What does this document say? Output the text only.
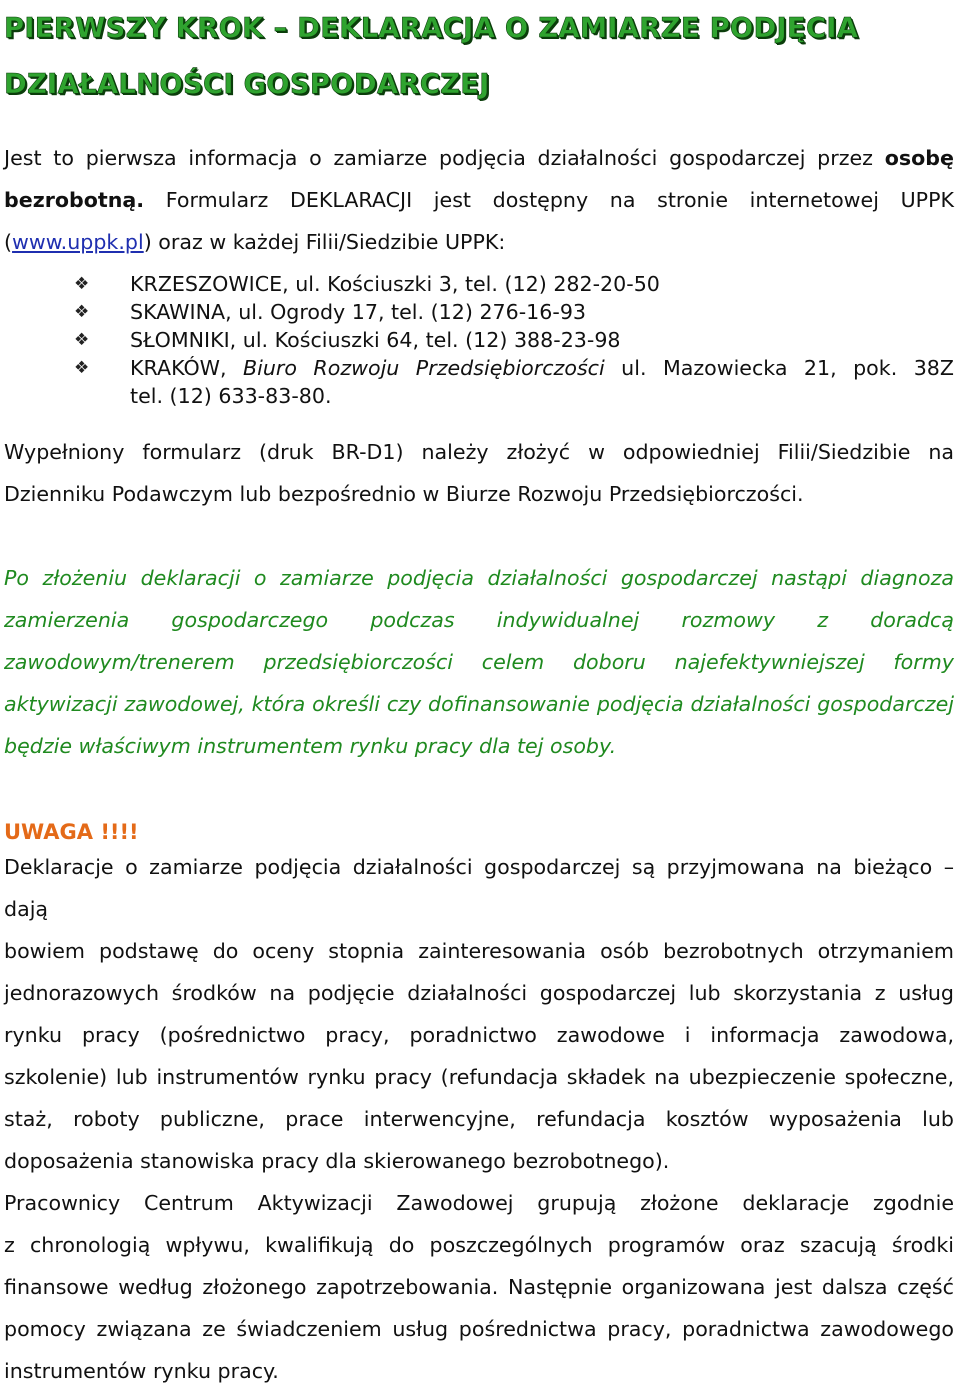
PIERWSZY KROK – DEKLARACJA O ZAMIARZE PODJĘCIA
DZIAŁALNOŚCI GOSPODARCZEJ
Jest to pierwsza informacja o zamiarze podjęcia działalności gospodarczej przez osobę
bezrobotną. Formularz DEKLARACJI jest dostępny na stronie internetowej UPPK
(www.uppk.pl) oraz w każdej Filii/Siedzibie UPPK:
❖ KRZESZOWICE, ul. Kościuszki 3, tel. (12) 282-20-50
❖ SKAWINA, ul. Ogrody 17, tel. (12) 276-16-93
❖ SŁOMNIKI, ul. Kościuszki 64, tel. (12) 388-23-98
❖ KRAKÓW, Biuro Rozwoju Przedsiębiorczości ul. Mazowiecka 21, pok. 38Z
tel. (12) 633-83-80.
Wypełniony formularz (druk BR-D1) należy złożyć w odpowiedniej Filii/Siedzibie na
Dzienniku Podawczym lub bezpośrednio w Biurze Rozwoju Przedsiębiorczości.
Po złożeniu deklaracji o zamiarze podjęcia działalności gospodarczej nastąpi diagnoza
zamierzenia gospodarczego podczas indywidualnej rozmowy z doradcą
zawodowym/trenerem przedsiębiorczości celem doboru najefektywniejszej formy
aktywizacji zawodowej, która określi czy dofinansowanie podjęcia działalności gospodarczej
będzie właściwym instrumentem rynku pracy dla tej osoby.
UWAGA !!!!
Deklaracje o zamiarze podjęcia działalności gospodarczej są przyjmowana na bieżąco – dają
bowiem podstawę do oceny stopnia zainteresowania osób bezrobotnych otrzymaniem
jednorazowych środków na podjęcie działalności gospodarczej lub skorzystania z usług
rynku pracy (pośrednictwo pracy, poradnictwo zawodowe i informacja zawodowa,
szkolenie) lub instrumentów rynku pracy (refundacja składek na ubezpieczenie społeczne,
staż, roboty publiczne, prace interwencyjne, refundacja kosztów wyposażenia lub
doposażenia stanowiska pracy dla skierowanego bezrobotnego).
Pracownicy Centrum Aktywizacji Zawodowej grupują złożone deklaracje zgodnie
z chronologią wpływu, kwalifikują do poszczególnych programów oraz szacują środki
finansowe według złożonego zapotrzebowania. Następnie organizowana jest dalsza część
pomocy związana ze świadczeniem usług pośrednictwa pracy, poradnictwa zawodowego
instrumentów rynku pracy.
